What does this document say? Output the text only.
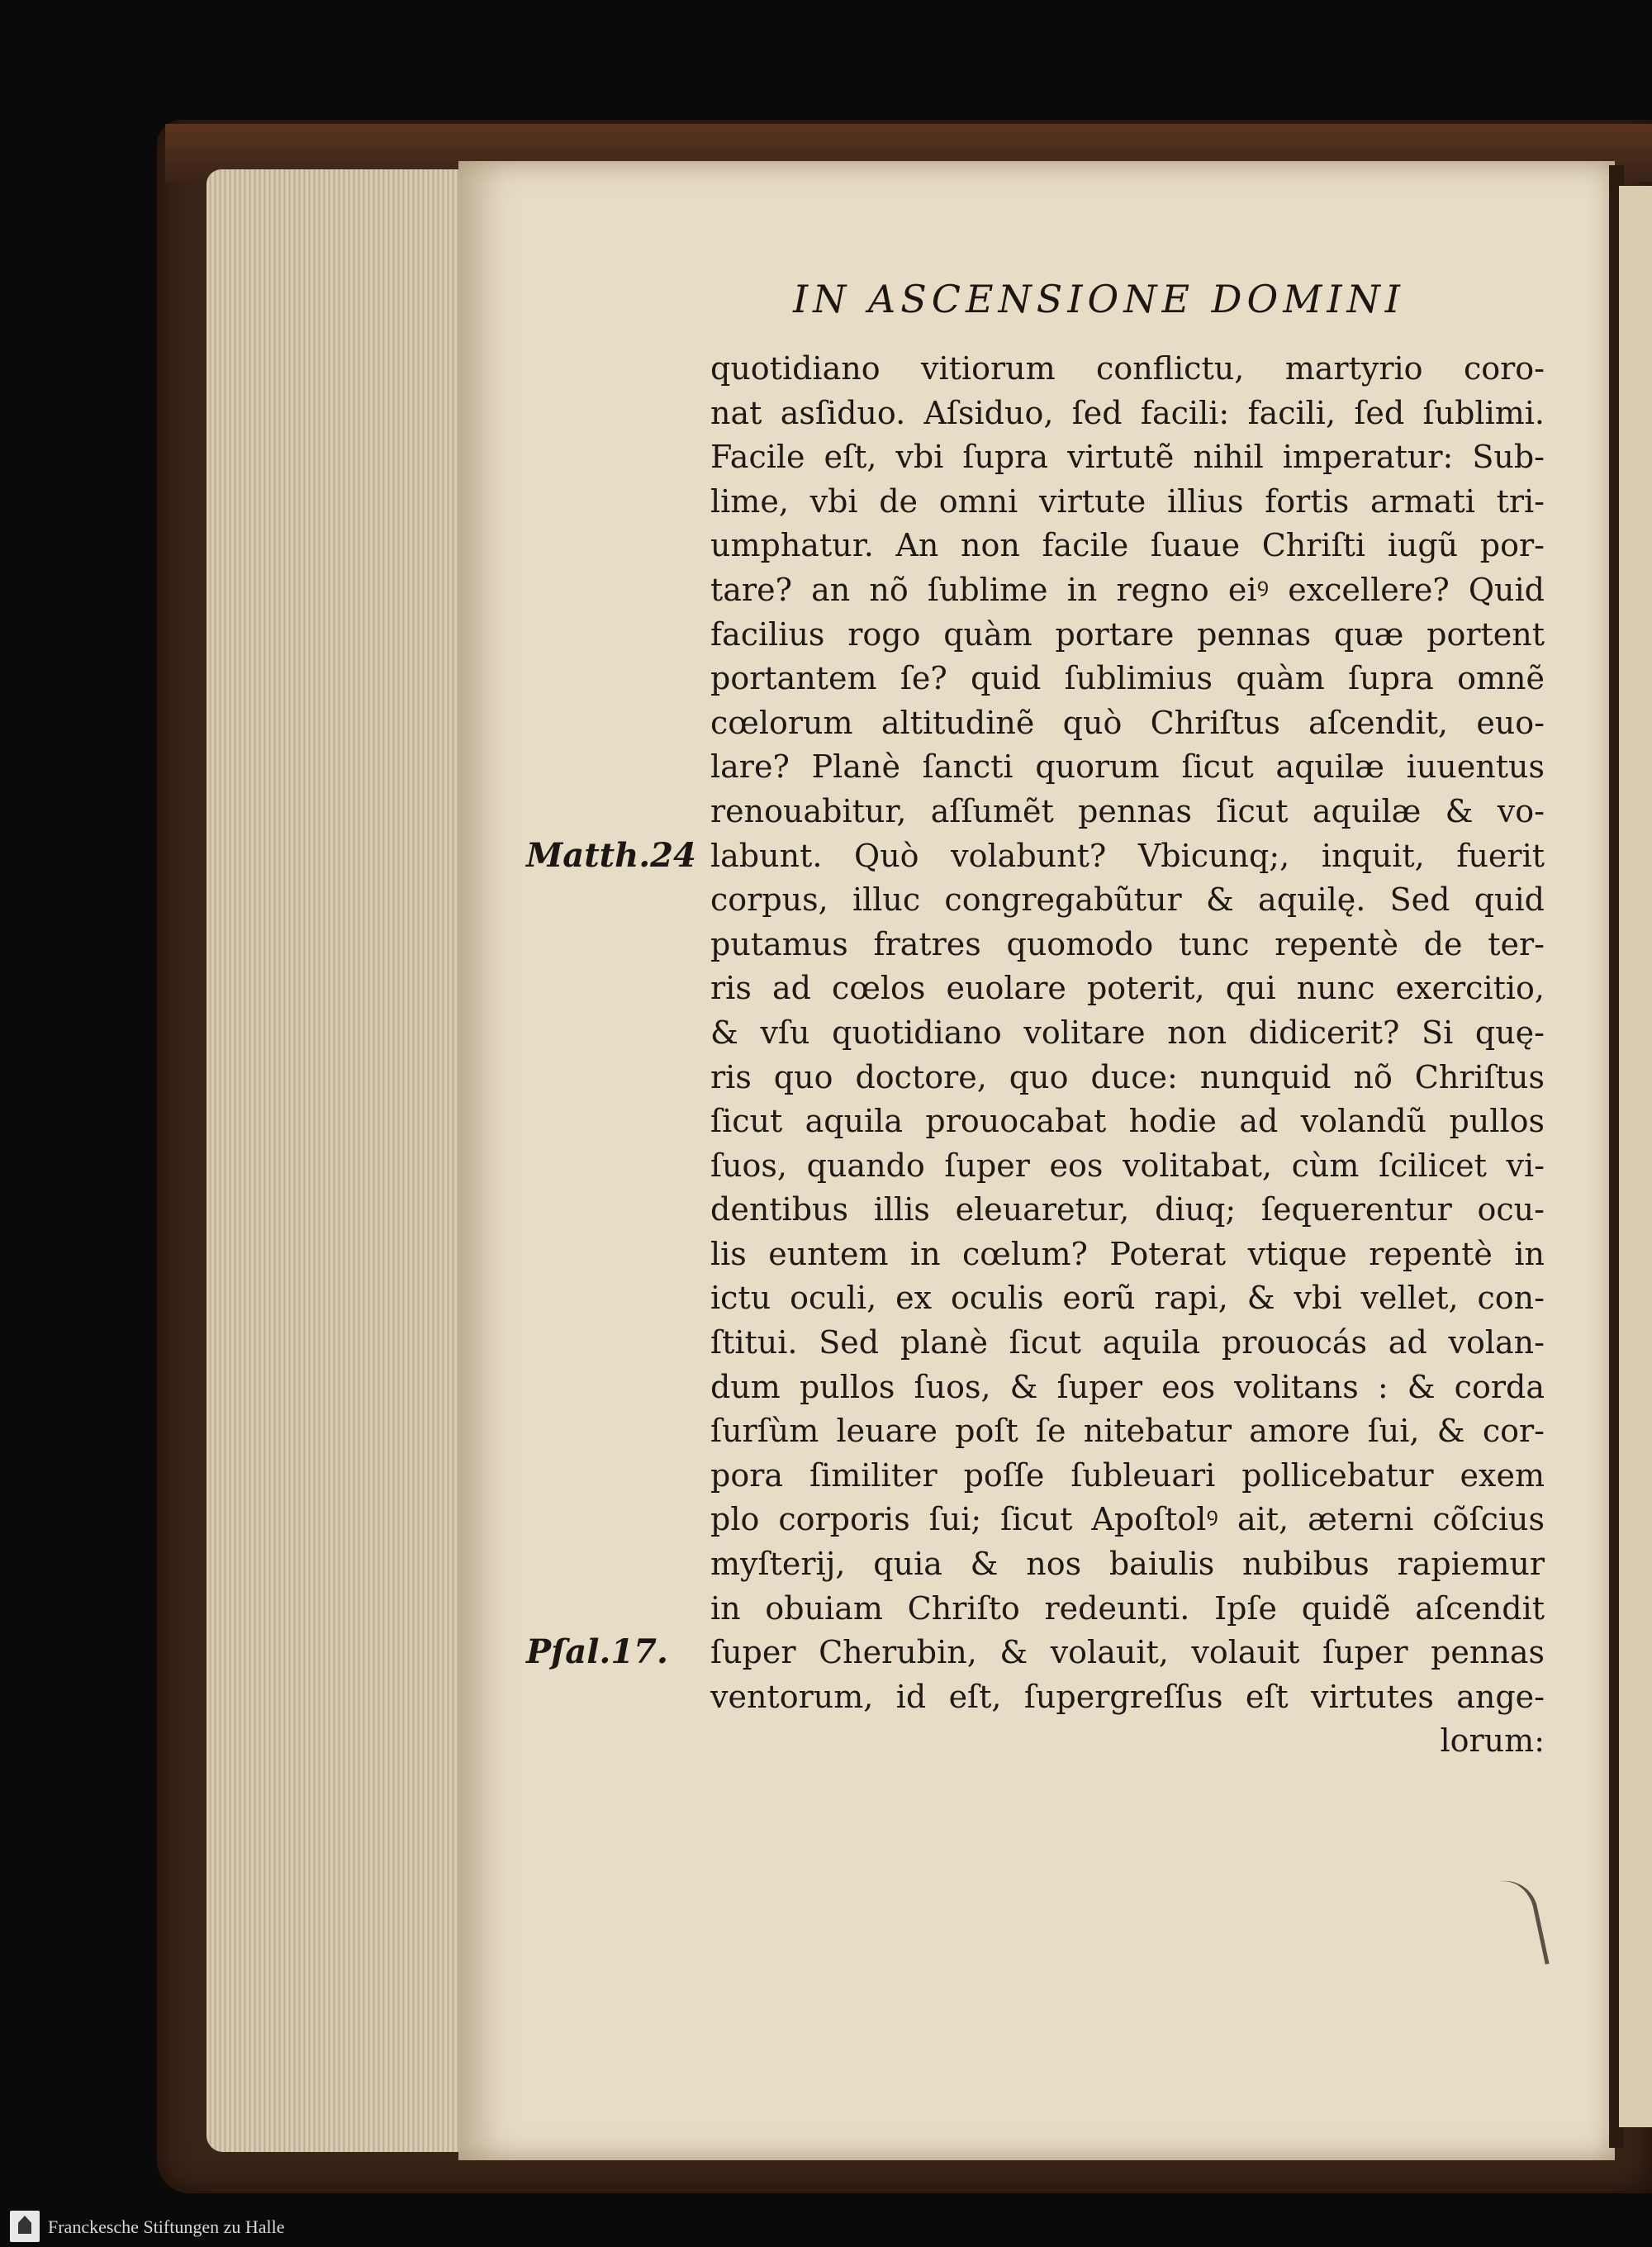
IN ASCENSIONE DOMINI
quotidiano vitiorum conflictu, martyrio coro-
nat asſiduo. Aſsiduo, ſed facili: facili, ſed ſublimi.
Facile eſt, vbi ſupra virtutẽ nihil imperatur: Sub-
lime, vbi de omni virtute illius fortis armati tri-
umphatur. An non facile ſuaue Chriſti iugũ por-
tare? an nõ ſublime in regno eiꝰ excellere? Quid
facilius rogo quàm portare pennas quæ portent
portantem ſe? quid ſublimius quàm ſupra omnẽ
cœlorum altitudinẽ quò Chriſtus aſcendit, euo-
lare? Planè ſancti quorum ſicut aquilæ iuuentus
renouabitur, aſſumẽt pennas ſicut aquilæ & vo-
labunt. Quò volabunt? Vbicunq;, inquit, fuerit
corpus, illuc congregabũtur & aquilę. Sed quid
putamus fratres quomodo tunc repentè de ter-
ris ad cœlos euolare poterit, qui nunc exercitio,
& vſu quotidiano volitare non didicerit? Si quę-
ris quo doctore, quo duce: nunquid nõ Chriſtus
ſicut aquila prouocabat hodie ad volandũ pullos
ſuos, quando ſuper eos volitabat, cùm ſcilicet vi-
dentibus illis eleuaretur, diuq; ſequerentur ocu-
lis euntem in cœlum? Poterat vtique repentè in
ictu oculi, ex oculis eorũ rapi, & vbi vellet, con-
ſtitui. Sed planè ſicut aquila prouocás ad volan-
dum pullos ſuos, & ſuper eos volitans : & corda
ſurſùm leuare poſt ſe nitebatur amore ſui, & cor-
pora ſimiliter poſſe ſubleuari pollicebatur exem
plo corporis ſui; ſicut Apoſtolꝰ ait, æterni cõſcius
myſterij, quia & nos baiulis nubibus rapiemur
in obuiam Chriſto redeunti. Ipſe quidẽ aſcendit
ſuper Cherubin, & volauit, volauit ſuper pennas
ventorum, id eſt, ſupergreſſus eſt virtutes ange-
lorum:
Matth.24
Pſal.17.
Franckesche Stiftungen zu Halle
